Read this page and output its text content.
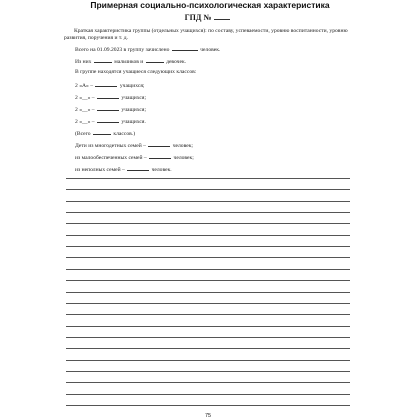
Примерная социально-психологическая характеристика
ГПД №
Краткая характеристика группы (отдельных учащихся): по составу, успеваемости, уровню воспитанности, уровню развития, поручения и т. д.
Всего на 01.09.2023 в группу зачислено	человек.
Из них	мальчиков и	девочек.
В группе находятся учащиеся следующих классов:
2 «А» –	учащихся;
2 «__» –	учащихся;
2 «__» –	учащихся;
2 «__» –	учащихся.
(Всего	классов.)
Дети из многодетных семей –	человек;
из малообеспеченных семей –	человек;
из неполных семей –	человек.
75
